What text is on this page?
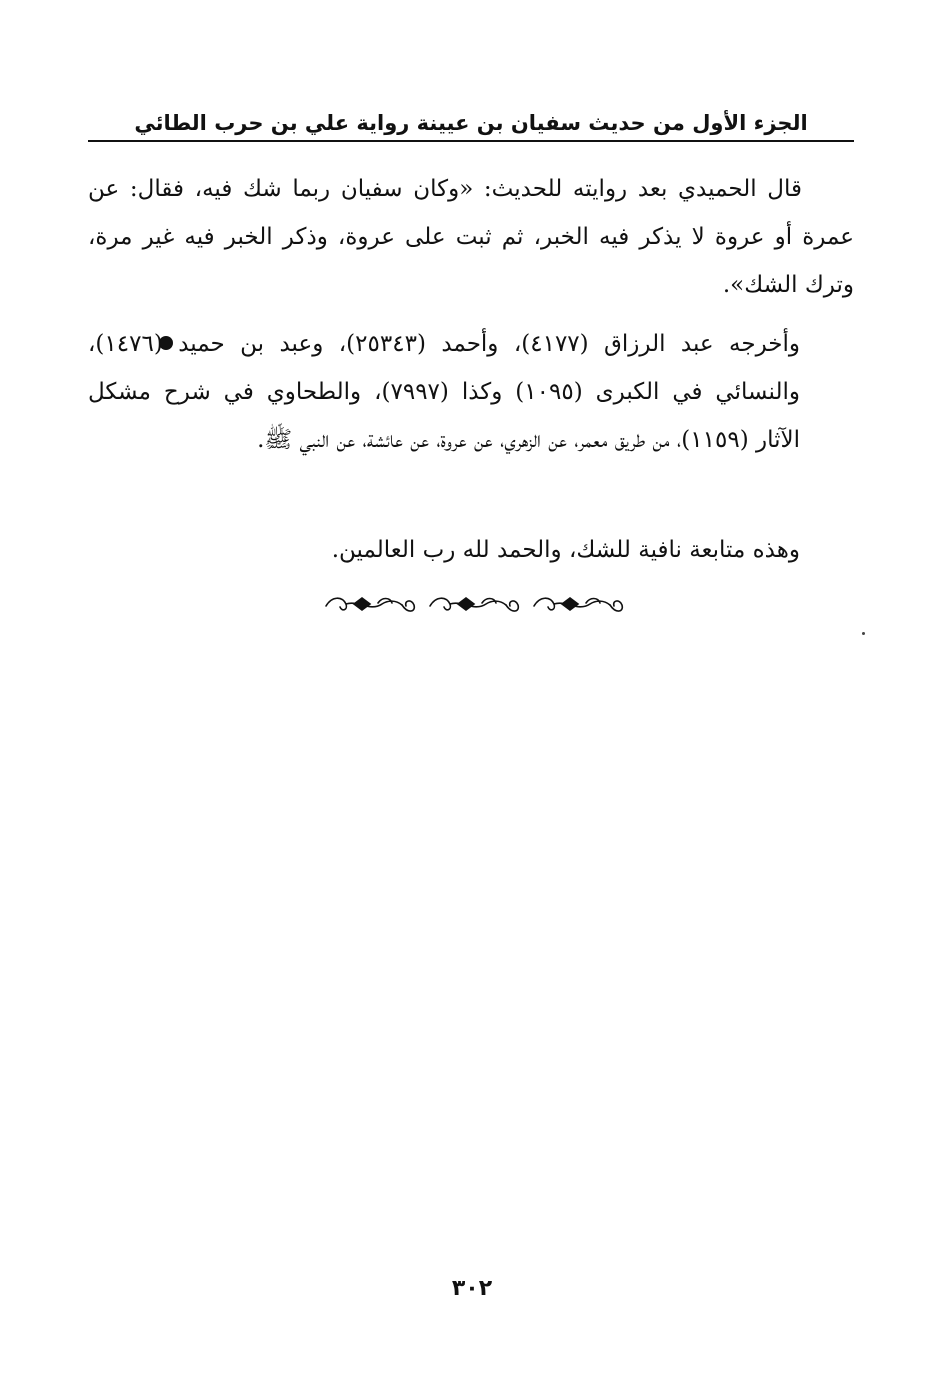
الجزء الأول من حديث سفيان بن عيينة رواية علي بن حرب الطائي
قال الحميدي بعد روايته للحديث: «وكان سفيان ربما شك فيه، فقال: عن عمرة أو عروة لا يذكر فيه الخبر، ثم ثبت على عروة، وذكر الخبر فيه غير مرة، وترك الشك».
وأخرجه عبد الرزاق (٤١٧٧)، وأحمد (٢٥٣٤٣)، وعبد بن حميد (١٤٧٦)، والنسائي في الكبرى (١٠٩٥) وكذا (٧٩٩٧)، والطحاوي في شرح مشكل الآثار (١١٥٩)، من طريق معمر، عن الزهري، عن عروة، عن عائشة، عن النبي ﷺ.
وهذه متابعة نافية للشك، والحمد لله رب العالمين.
٣٠٢
